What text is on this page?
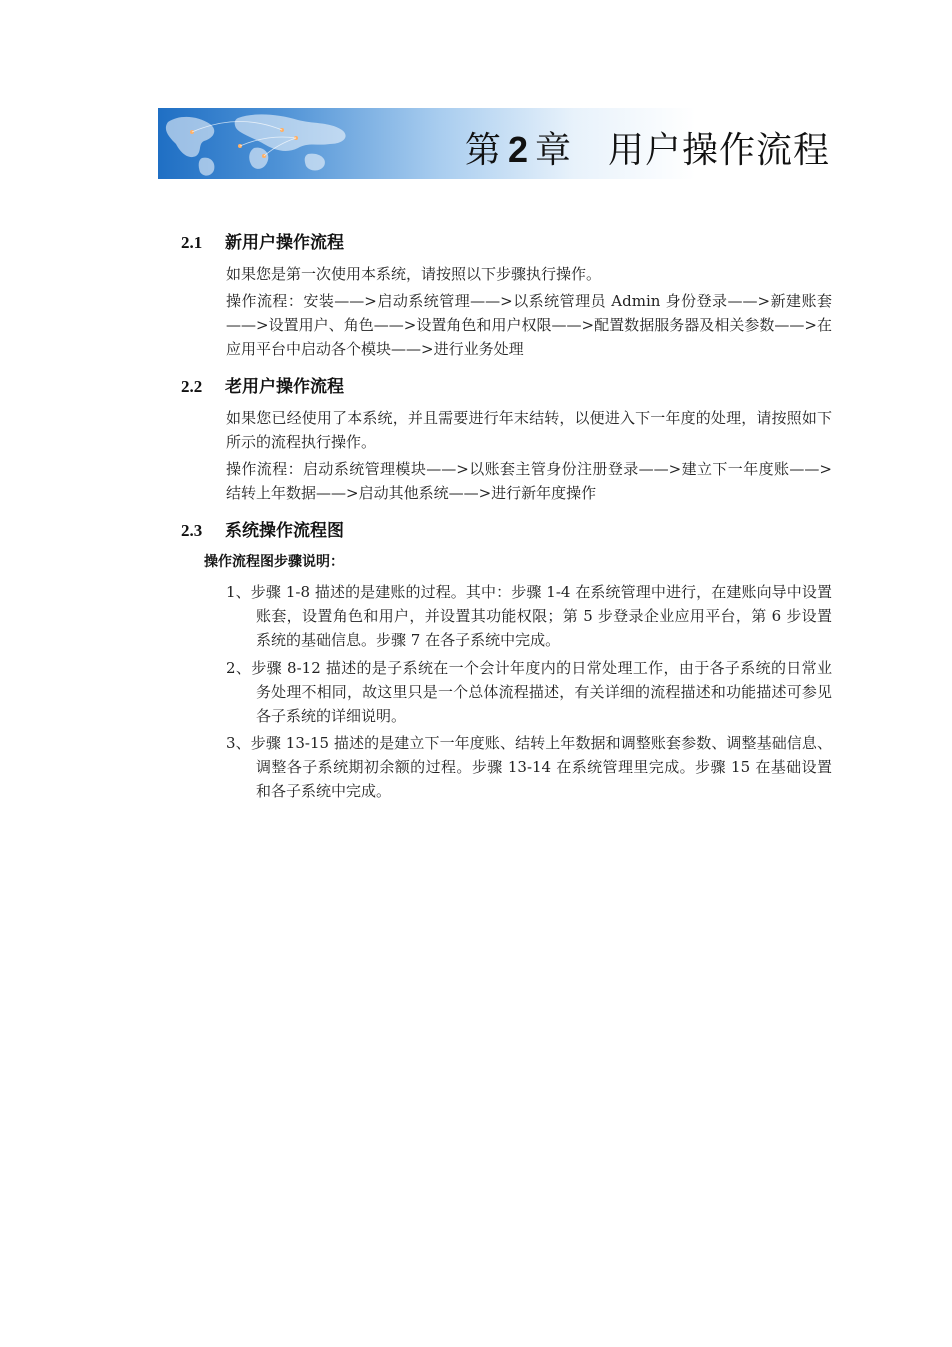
第 2 章 用户操作流程
2.1 新用户操作流程
如果您是第一次使用本系统，请按照以下步骤执行操作。
操作流程：安装——>启动系统管理——>以系统管理员 Admin 身份登录——>新建账套——>设置用户、角色——>设置角色和用户权限——>配置数据服务器及相关参数——>在应用平台中启动各个模块——>进行业务处理
2.2 老用户操作流程
如果您已经使用了本系统，并且需要进行年末结转，以便进入下一年度的处理，请按照如下所示的流程执行操作。
操作流程：启动系统管理模块——>以账套主管身份注册登录——>建立下一年度账——>结转上年数据——>启动其他系统——>进行新年度操作
2.3 系统操作流程图
操作流程图步骤说明：
1、步骤 1-8 描述的是建账的过程。其中：步骤 1-4 在系统管理中进行，在建账向导中设置账套，设置角色和用户，并设置其功能权限；第 5 步登录企业应用平台，第 6 步设置系统的基础信息。步骤 7 在各子系统中完成。
2、步骤 8-12 描述的是子系统在一个会计年度内的日常处理工作，由于各子系统的日常业务处理不相同，故这里只是一个总体流程描述，有关详细的流程描述和功能描述可参见各子系统的详细说明。
3、步骤 13-15 描述的是建立下一年度账、结转上年数据和调整账套参数、调整基础信息、调整各子系统期初余额的过程。步骤 13-14 在系统管理里完成。步骤 15 在基础设置和各子系统中完成。
